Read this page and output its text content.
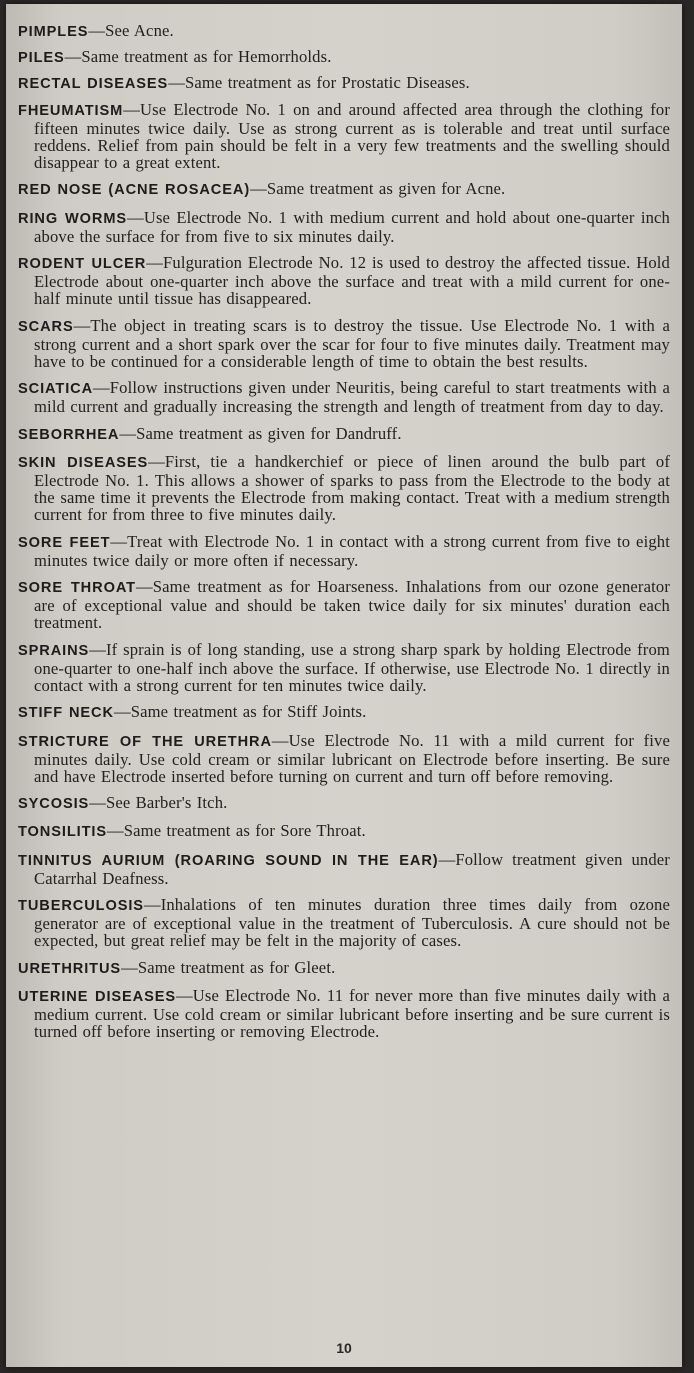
PIMPLES—See Acne.

PILES—Same treatment as for Hemorrholds.

RECTAL DISEASES—Same treatment as for Prostatic Diseases.

FHEUMATISM—Use Electrode No. 1 on and around affected area through the clothing for fifteen minutes twice daily. Use as strong current as is tolerable and treat until surface reddens. Relief from pain should be felt in a very few treatments and the swelling should disappear to a great extent.

RED NOSE (ACNE ROSACEA)—Same treatment as given for Acne.

RING WORMS—Use Electrode No. 1 with medium current and hold about one-quarter inch above the surface for from five to six minutes daily.

RODENT ULCER—Fulguration Electrode No. 12 is used to destroy the affected tissue. Hold Electrode about one-quarter inch above the surface and treat with a mild current for one-half minute until tissue has disappeared.

SCARS—The object in treating scars is to destroy the tissue. Use Electrode No. 1 with a strong current and a short spark over the scar for four to five minutes daily. Treatment may have to be continued for a considerable length of time to obtain the best results.

SCIATICA—Follow instructions given under Neuritis, being careful to start treatments with a mild current and gradually increasing the strength and length of treatment from day to day.

SEBORRHEA—Same treatment as given for Dandruff.

SKIN DISEASES—First, tie a handkerchief or piece of linen around the bulb part of Electrode No. 1. This allows a shower of sparks to pass from the Electrode to the body at the same time it prevents the Electrode from making contact. Treat with a medium strength current for from three to five minutes daily.

SORE FEET—Treat with Electrode No. 1 in contact with a strong current from five to eight minutes twice daily or more often if necessary.

SORE THROAT—Same treatment as for Hoarseness. Inhalations from our ozone generator are of exceptional value and should be taken twice daily for six minutes' duration each treatment.

SPRAINS—If sprain is of long standing, use a strong sharp spark by holding Electrode from one-quarter to one-half inch above the surface. If otherwise, use Electrode No. 1 directly in contact with a strong current for ten minutes twice daily.

STIFF NECK—Same treatment as for Stiff Joints.

STRICTURE OF THE URETHRA—Use Electrode No. 11 with a mild current for five minutes daily. Use cold cream or similar lubricant on Electrode before inserting. Be sure and have Electrode inserted before turning on current and turn off before removing.

SYCOSIS—See Barber's Itch.

TONSILITIS—Same treatment as for Sore Throat.

TINNITUS AURIUM (ROARING SOUND IN THE EAR)—Follow treatment given under Catarrhal Deafness.

TUBERCULOSIS—Inhalations of ten minutes duration three times daily from ozone generator are of exceptional value in the treatment of Tuberculosis. A cure should not be expected, but great relief may be felt in the majority of cases.

URETHRITUS—Same treatment as for Gleet.

UTERINE DISEASES—Use Electrode No. 11 for never more than five minutes daily with a medium current. Use cold cream or similar lubricant before inserting and be sure current is turned off before inserting or removing Electrode.

10
